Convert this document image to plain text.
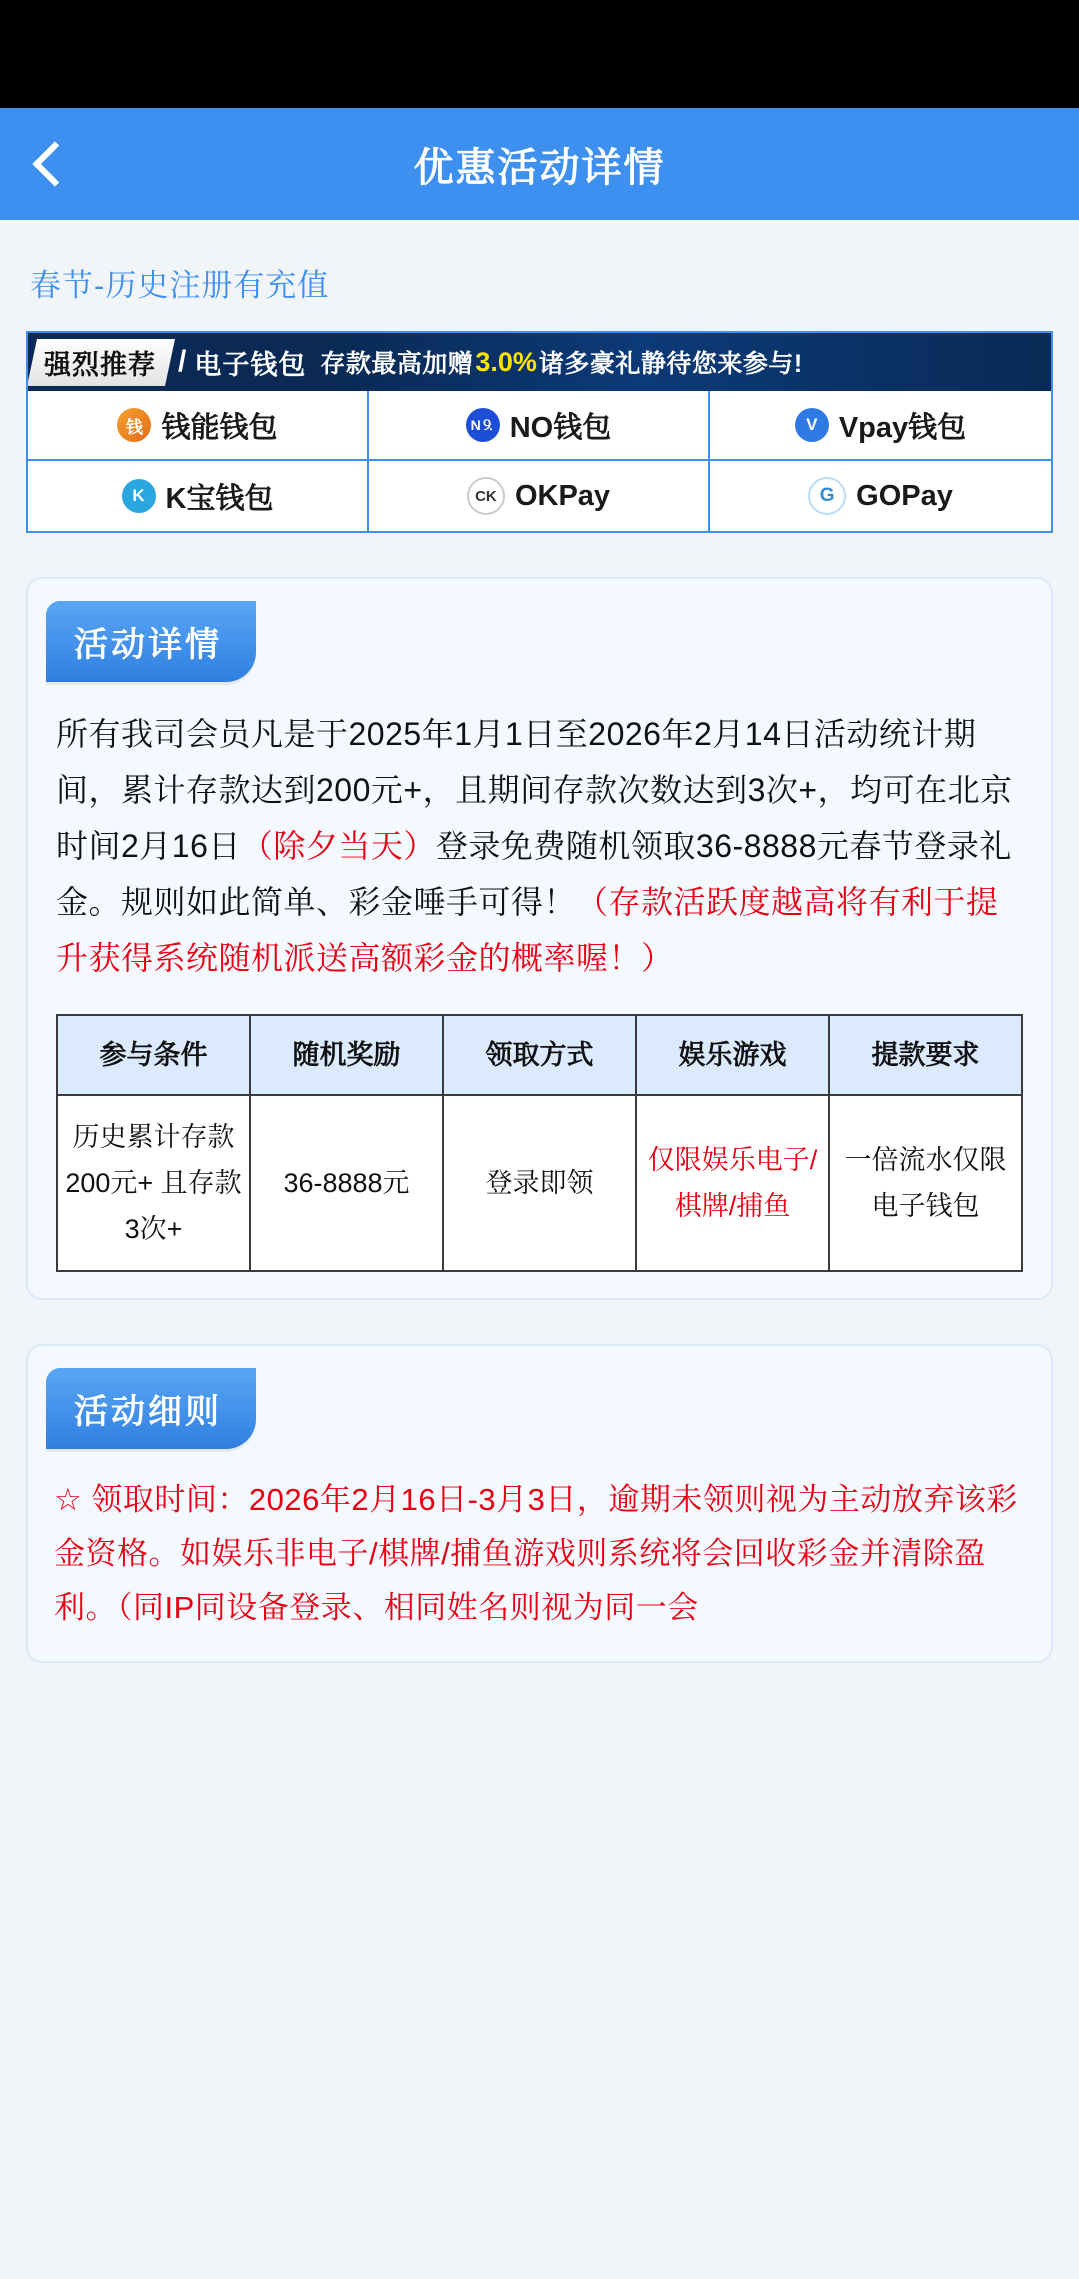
优惠活动详情
春节-历史注册有充值
强烈推荐 / 电子钱包 存款最高加赠 3.0% 诸多豪礼静待您来参与!
钱 钱能钱包	N⒐ NO钱包	V Vpay钱包
K K宝钱包	CK OKPay	G GOPay
活动详情
所有我司会员凡是于2025年1月1日至2026年2月14日活动统计期间，累计存款达到200元+，且期间存款次数达到3次+，均可在北京时间2月16日（除夕当天）登录免费随机领取36-8888元春节登录礼金。规则如此简单、彩金唾手可得！（存款活跃度越高将有利于提升获得系统随机派送高额彩金的概率喔！）
参与条件	随机奖励	领取方式	娱乐游戏	提款要求
历史累计存款200元+ 且存款3次+	36-8888元	登录即领	仅限娱乐电子/棋牌/捕鱼	一倍流水仅限电子钱包
活动细则
☆ 领取时间：2026年2月16日-3月3日，逾期未领则视为主动放弃该彩金资格。如娱乐非电子/棋牌/捕鱼游戏则系统将会回收彩金并清除盈利。（同IP同设备登录、相同姓名则视为同一会
